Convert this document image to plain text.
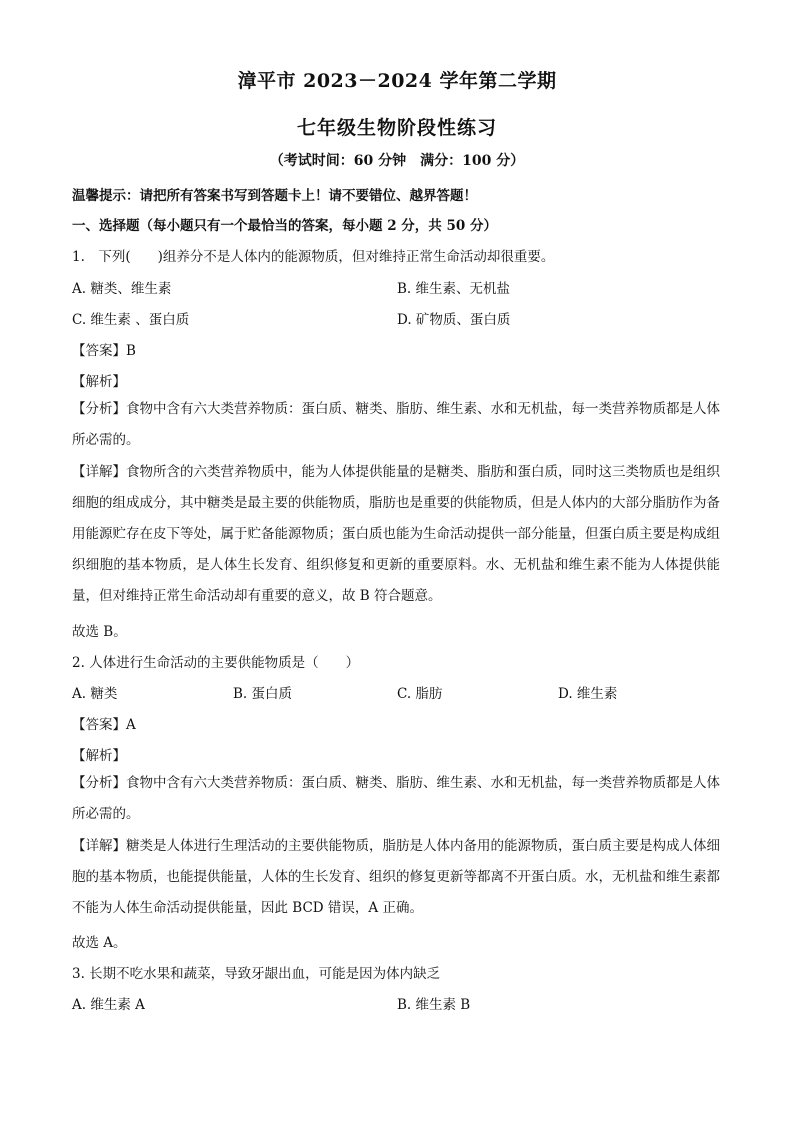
漳平市 2023－2024 学年第二学期
七年级生物阶段性练习
（考试时间：60 分钟　满分：100 分）
温馨提示：请把所有答案书写到答题卡上！请不要错位、越界答题！
一、选择题（每小题只有一个最恰当的答案，每小题 2 分，共 50 分）
1.　下列(　　)组养分不是人体内的能源物质，但对维持正常生命活动却很重要。
A. 糖类、维生素	B. 维生素、无机盐
C. 维生素 、蛋白质	D. 矿物质、蛋白质
【答案】B
【解析】
【分析】食物中含有六大类营养物质：蛋白质、糖类、脂肪、维生素、水和无机盐，每一类营养物质都是人体所必需的。
【详解】食物所含的六类营养物质中，能为人体提供能量的是糖类、脂肪和蛋白质，同时这三类物质也是组织细胞的组成成分，其中糖类是最主要的供能物质，脂肪也是重要的供能物质，但是人体内的大部分脂肪作为备用能源贮存在皮下等处，属于贮备能源物质；蛋白质也能为生命活动提供一部分能量，但蛋白质主要是构成组织细胞的基本物质，是人体生长发育、组织修复和更新的重要原料。水、无机盐和维生素不能为人体提供能量，但对维持正常生命活动却有重要的意义，故 B 符合题意。
故选 B。
2. 人体进行生命活动的主要供能物质是（　　）
A. 糖类	B. 蛋白质	C. 脂肪	D. 维生素
【答案】A
【解析】
【分析】食物中含有六大类营养物质：蛋白质、糖类、脂肪、维生素、水和无机盐，每一类营养物质都是人体所必需的。
【详解】糖类是人体进行生理活动的主要供能物质，脂肪是人体内备用的能源物质，蛋白质主要是构成人体细胞的基本物质，也能提供能量，人体的生长发育、组织的修复更新等都离不开蛋白质。水，无机盐和维生素都不能为人体生命活动提供能量，因此 BCD 错误，A 正确。
故选 A。
3. 长期不吃水果和蔬菜，导致牙龈出血，可能是因为体内缺乏
A. 维生素 A	B. 维生素 B
